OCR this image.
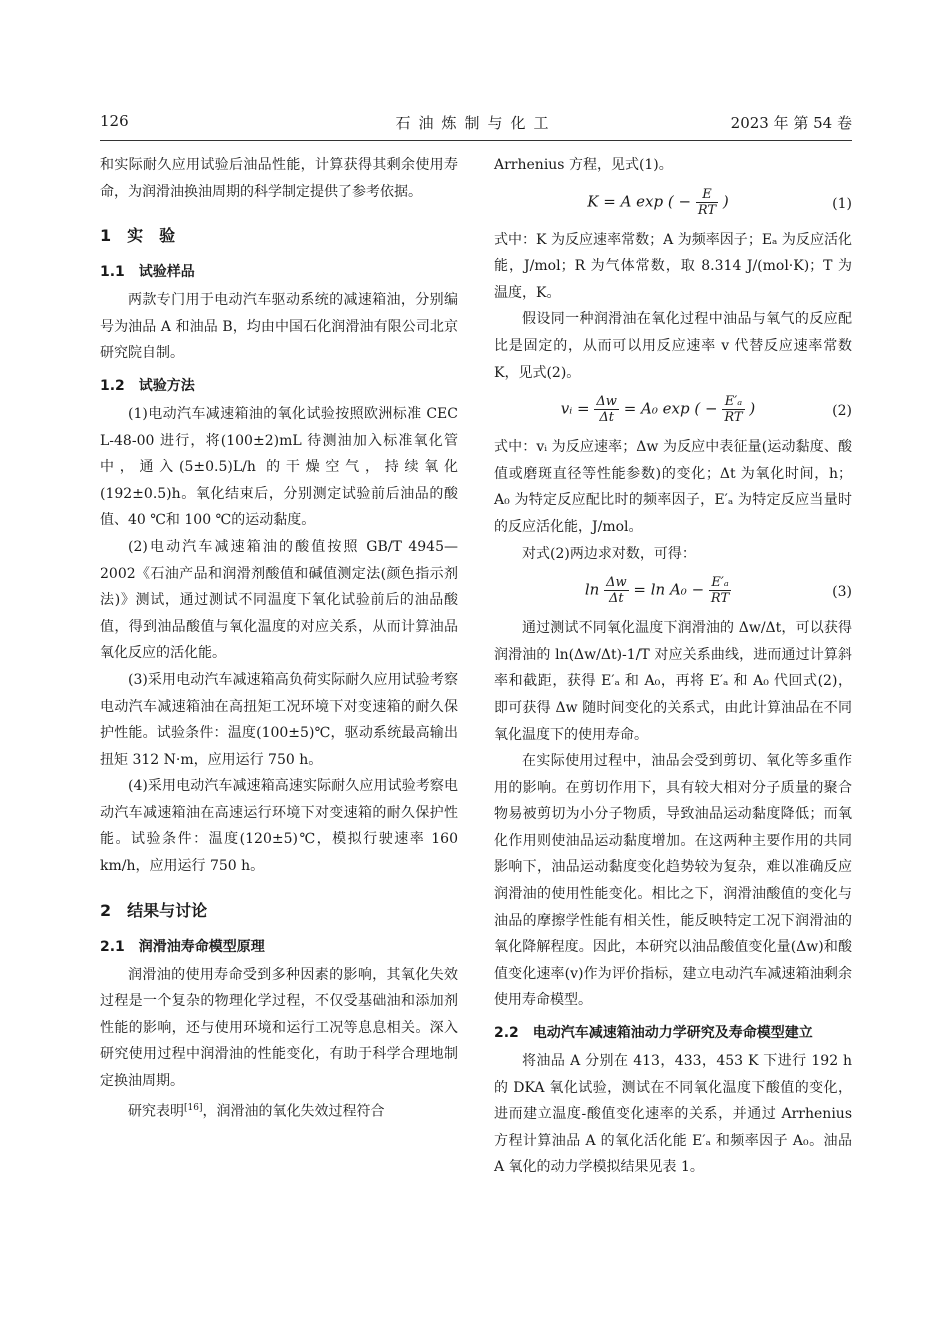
126	石油炼制与化工	2023 年 第 54 卷

和实际耐久应用试验后油品性能，计算获得其剩余使用寿命，为润滑油换油周期的科学制定提供了参考依据。

1　实　验
1.1　试验样品

两款专门用于电动汽车驱动系统的减速箱油，分别编号为油品 A 和油品 B，均由中国石化润滑油有限公司北京研究院自制。

1.2　试验方法

(1)电动汽车减速箱油的氧化试验按照欧洲标准 CEC L-48-00 进行，将(100±2)mL 待测油加入标准氧化管中，通入(5±0.5)L/h 的干燥空气，持续氧化(192±0.5)h。氧化结束后，分别测定试验前后油品的酸值、40 ℃和 100 ℃的运动黏度。

(2)电动汽车减速箱油的酸值按照 GB/T 4945—2002《石油产品和润滑剂酸值和碱值测定法(颜色指示剂法)》测试，通过测试不同温度下氧化试验前后的油品酸值，得到油品酸值与氧化温度的对应关系，从而计算油品氧化反应的活化能。

(3)采用电动汽车减速箱高负荷实际耐久应用试验考察电动汽车减速箱油在高扭矩工况环境下对变速箱的耐久保护性能。试验条件：温度(100±5)℃，驱动系统最高输出扭矩 312 N·m，应用运行 750 h。

(4)采用电动汽车减速箱高速实际耐久应用试验考察电动汽车减速箱油在高速运行环境下对变速箱的耐久保护性能。试验条件：温度(120±5)℃，模拟行驶速率 160 km/h，应用运行 750 h。

2　结果与讨论
2.1　润滑油寿命模型原理

润滑油的使用寿命受到多种因素的影响，其氧化失效过程是一个复杂的物理化学过程，不仅受基础油和添加剂性能的影响，还与使用环境和运行工况等息息相关。深入研究使用过程中润滑油的性能变化，有助于科学合理地制定换油周期。

研究表明[16]，润滑油的氧化失效过程符合

Arrhenius 方程，见式(1)。

K = A exp ( − $\frac{E}{RT}$ )	(1)

式中：K 为反应速率常数；A 为频率因子；Eₐ 为反应活化能，J/mol；R 为气体常数，取 8.314 J/(mol·K)；T 为温度，K。

假设同一种润滑油在氧化过程中油品与氧气的反应配比是固定的，从而可以用反应速率 v 代替反应速率常数 K，见式(2)。

vᵢ = $\frac{\Delta w}{\Delta t} = A_0$ exp ( − $\frac{\text{E′ₐ}}{RT}$ )	(2)

式中：vᵢ 为反应速率；Δw 为反应中表征量(运动黏度、酸值或磨斑直径等性能参数)的变化；Δt 为氧化时间，h；A₀ 为特定反应配比时的频率因子，E′ₐ 为特定反应当量时的反应活化能，J/mol。

对式(2)两边求对数，可得：

$\ln \frac{\Delta w}{\Delta t} = \ln A_0 - \frac{\text{E′ₐ}}{RT}$	(3)

通过测试不同氧化温度下润滑油的 Δw/Δt，可以获得润滑油的 ln(Δw/Δt)-1/T 对应关系曲线，进而通过计算斜率和截距，获得 E′ₐ 和 A₀，再将 E′ₐ 和 A₀ 代回式(2)，即可获得 Δw 随时间变化的关系式，由此计算油品在不同氧化温度下的使用寿命。

在实际使用过程中，油品会受到剪切、氧化等多重作用的影响。在剪切作用下，具有较大相对分子质量的聚合物易被剪切为小分子物质，导致油品运动黏度降低；而氧化作用则使油品运动黏度增加。在这两种主要作用的共同影响下，油品运动黏度变化趋势较为复杂，难以准确反应润滑油的使用性能变化。相比之下，润滑油酸值的变化与油品的摩擦学性能有相关性，能反映特定工况下润滑油的氧化降解程度。因此，本研究以油品酸值变化量(Δw)和酸值变化速率(v)作为评价指标，建立电动汽车减速箱油剩余使用寿命模型。

2.2　电动汽车减速箱油动力学研究及寿命模型建立

将油品 A 分别在 413，433，453 K 下进行 192 h 的 DKA 氧化试验，测试在不同氧化温度下酸值的变化，进而建立温度-酸值变化速率的关系，并通过 Arrhenius 方程计算油品 A 的氧化活化能 E′ₐ 和频率因子 A₀。油品 A 氧化的动力学模拟结果见表 1。
